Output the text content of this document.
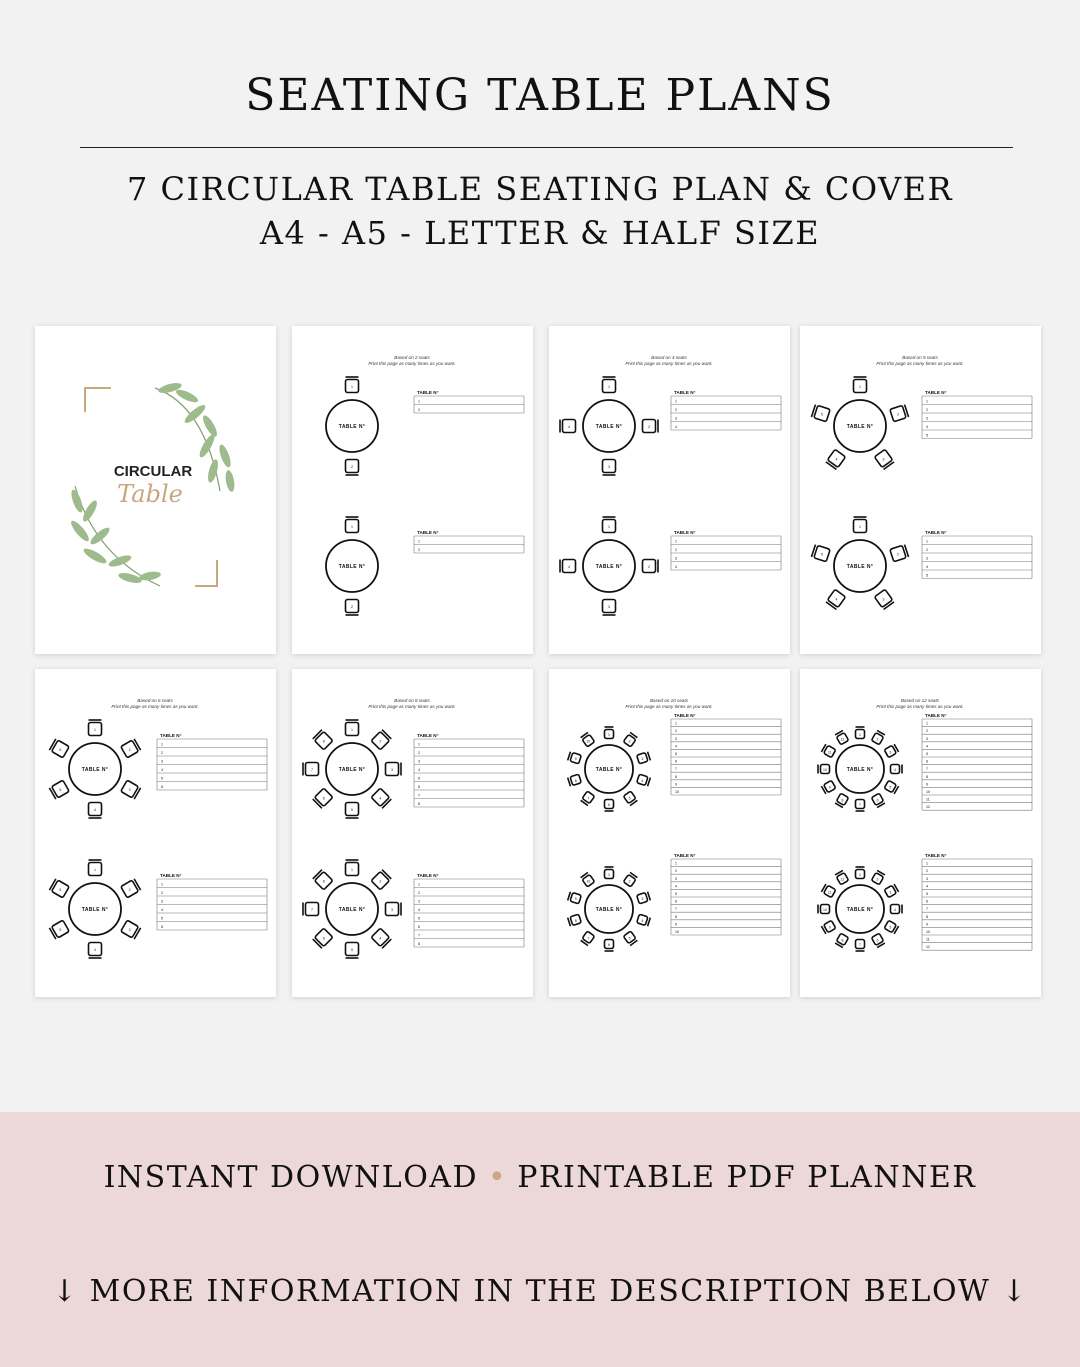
SEATING TABLE PLANS
7 CIRCULAR TABLE SEATING PLAN & COVER
A4 - A5 - LETTER & HALF SIZE
CIRCULAR
Table
Based on 2 seats
Print this page as many times as you want.
1
2
TABLE N°
TABLE N°
1
2
1
2
TABLE N°
TABLE N°
1
2
Based on 4 seats
Print this page as many times as you want.
1
2
3
4	TABLE N°
TABLE N°
1
2
3
4
1
2
3
4	TABLE N°
TABLE N°
1
2
3
4
Based on 5 seats
Print this page as many times as you want.
1
2
3
4
5
TABLE N°
TABLE N°
1
2
3
4
5
1
2
3
4
5
TABLE N°
TABLE N°
1
2
3
4
5
Based on 6 seats
Print this page as many times as you want.
1
2
3
4
5
6
TABLE N°
TABLE N°
1
2
3
4
5
6
1
2
3
4
5
6
TABLE N°
TABLE N°
1
2
3
4
5
6
Based on 8 seats
Print this page as many times as you want.
1
2
3
4
5
6
7
8
TABLE N°
TABLE N°
1
2
3
4
5
6
7
8
1
2
3
4
5
6
7
8
TABLE N°
TABLE N°
1
2
3
4
5
6
7
8
Based on 10 seats
Print this page as many times as you want.
1
2
3
4
5
6
7
8
9
10
TABLE N°
TABLE N°
1
2
3
4
5
6
7
8
9
10
1
2
3
4
5
6
7
8
9
10
TABLE N°
TABLE N°
1
2
3
4
5
6
7
8
9
10
Based on 12 seats
Print this page as many times as you want.
1
2
3
4
5
6
7
8
9
10
11
12
TABLE N°
TABLE N°
1
2
3
4
5
6
7
8
9
10
11
12
1
2
3
4
5
6
7
8
9
10
11
12
TABLE N°
TABLE N°
1
2
3
4
5
6
7
8
9
10
11
12
INSTANT DOWNLOAD • PRINTABLE PDF PLANNER
↓ MORE INFORMATION IN THE DESCRIPTION BELOW ↓
